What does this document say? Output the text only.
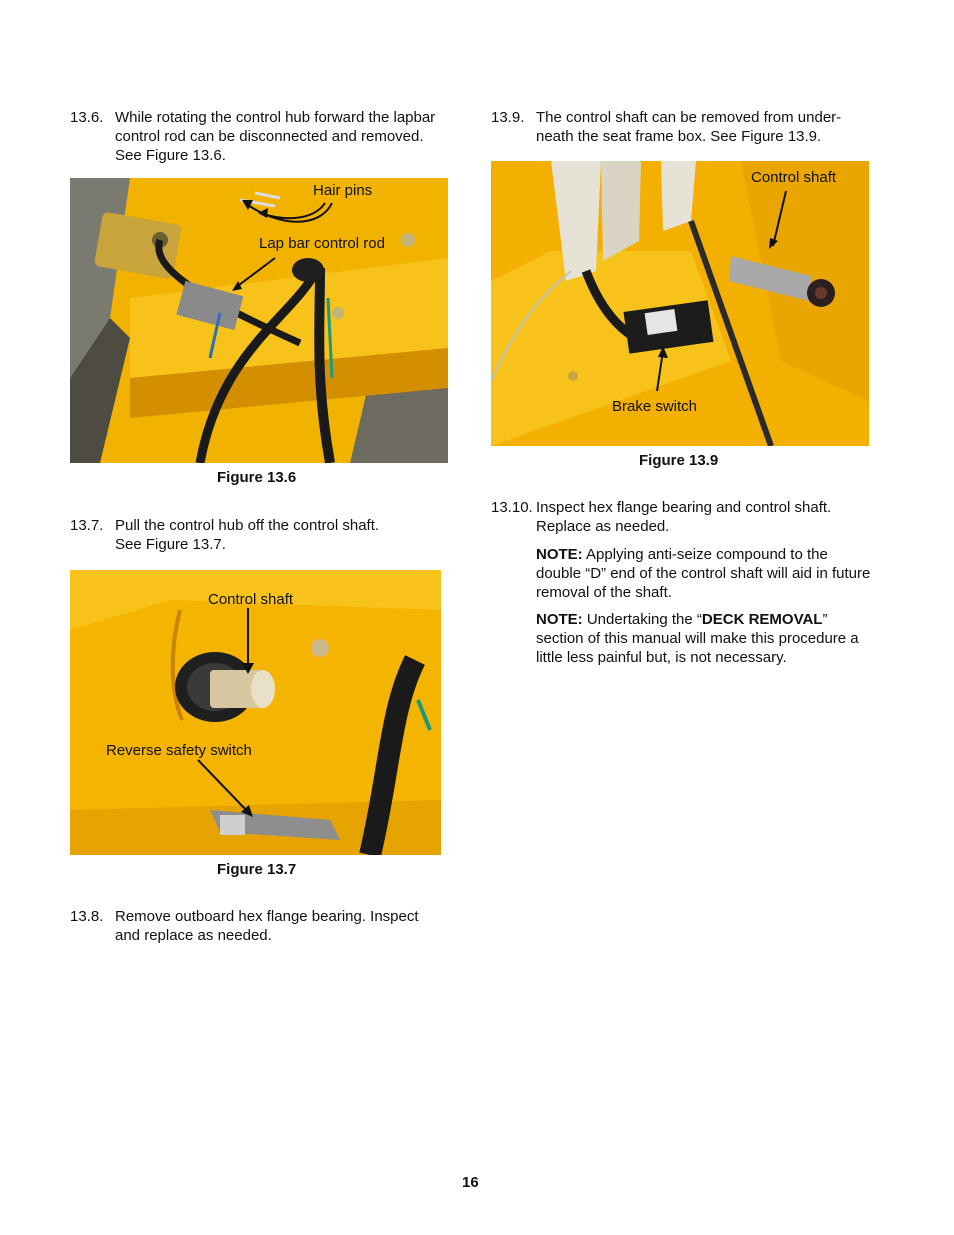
13.6. While rotating the control hub forward the lapbar
control rod can be disconnected and removed.
See Figure 13.6.
Hair pins
Lap bar control rod
Figure 13.6
13.7. Pull the control hub off the control shaft.
See Figure 13.7.
Control shaft
Reverse safety switch
Figure 13.7
13.8. Remove outboard hex flange bearing. Inspect
and replace as needed.
13.9. The control shaft can be removed from under-
neath the seat frame box. See Figure 13.9.
Control shaft
Brake switch
Figure 13.9
13.10. Inspect hex flange bearing and control shaft.
Replace as needed.
NOTE: Applying anti-seize compound to the double “D” end of the control shaft will aid in future removal of the shaft.
NOTE: Undertaking the “DECK REMOVAL” section of this manual will make this procedure a little less painful but, is not necessary.
16
